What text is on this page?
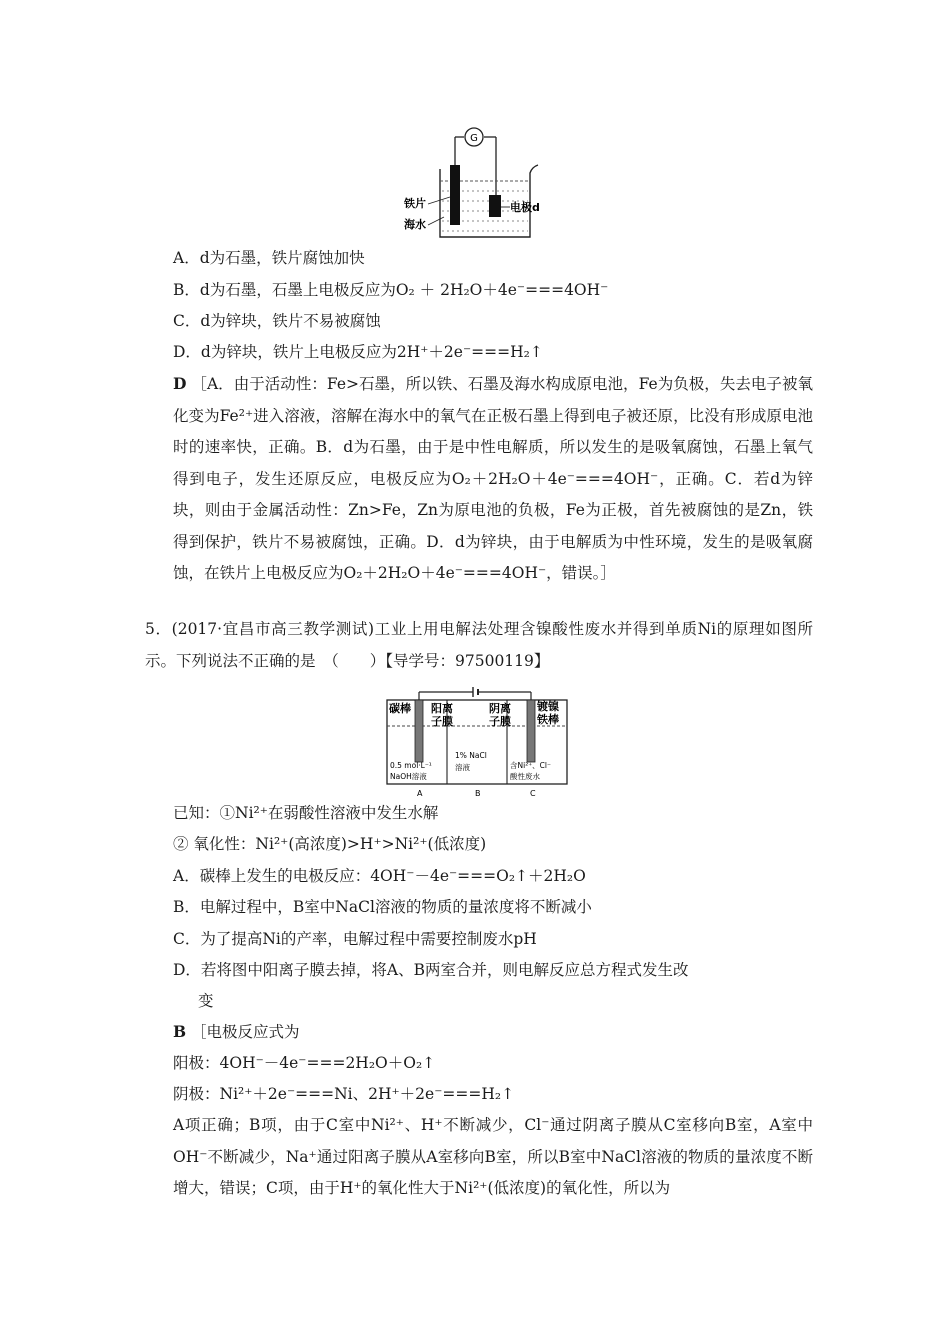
G
铁片
海水
电极d
A．d为石墨，铁片腐蚀加快
B．d为石墨，石墨上电极反应为O₂ ＋ 2H₂O＋4e⁻===4OH⁻
C．d为锌块，铁片不易被腐蚀
D．d为锌块，铁片上电极反应为2H⁺＋2e⁻===H₂↑
D ［A．由于活动性：Fe>石墨，所以铁、石墨及海水构成原电池，Fe为负极，失去电子被氧化变为Fe²⁺进入溶液，溶解在海水中的氧气在正极石墨上得到电子被还原，比没有形成原电池时的速率快，正确。B．d为石墨，由于是中性电解质，所以发生的是吸氧腐蚀，石墨上氧气得到电子，发生还原反应，电极反应为O₂＋2H₂O＋4e⁻===4OH⁻，正确。C．若d为锌块，则由于金属活动性：Zn>Fe，Zn为原电池的负极，Fe为正极，首先被腐蚀的是Zn，铁得到保护，铁片不易被腐蚀，正确。D．d为锌块，由于电解质为中性环境，发生的是吸氧腐蚀，在铁片上电极反应为O₂＋2H₂O＋4e⁻===4OH⁻，错误。］
5．(2017·宜昌市高三教学测试)工业上用电解法处理含镍酸性废水并得到单质Ni的原理如图所示。下列说法不正确的是　（　　）【导学号：97500119】
碳棒 阳离
子膜
阴离
子膜
镀镍
铁棒
0.5 mol·L⁻¹
NaOH溶液
1% NaCl
溶液	含Ni²⁺、Cl⁻
酸性废水
A	B	C
已知：①Ni²⁺在弱酸性溶液中发生水解
② 氧化性：Ni²⁺(高浓度)>H⁺>Ni²⁺(低浓度)
A．碳棒上发生的电极反应：4OH⁻－4e⁻===O₂↑＋2H₂O
B．电解过程中，B室中NaCl溶液的物质的量浓度将不断减小
C．为了提高Ni的产率，电解过程中需要控制废水pH
D．若将图中阳离子膜去掉，将A、B两室合并，则电解反应总方程式发生改
变
B ［电极反应式为
阳极：4OH⁻－4e⁻===2H₂O＋O₂↑
阴极：Ni²⁺＋2e⁻===Ni、2H⁺＋2e⁻===H₂↑
A项正确；B项，由于C室中Ni²⁺、H⁺不断减少，Cl⁻通过阴离子膜从C室移向B室，A室中OH⁻不断减少，Na⁺通过阳离子膜从A室移向B室，所以B室中NaCl溶液的物质的量浓度不断增大，错误；C项，由于H⁺的氧化性大于Ni²⁺(低浓度)的氧化性，所以为
